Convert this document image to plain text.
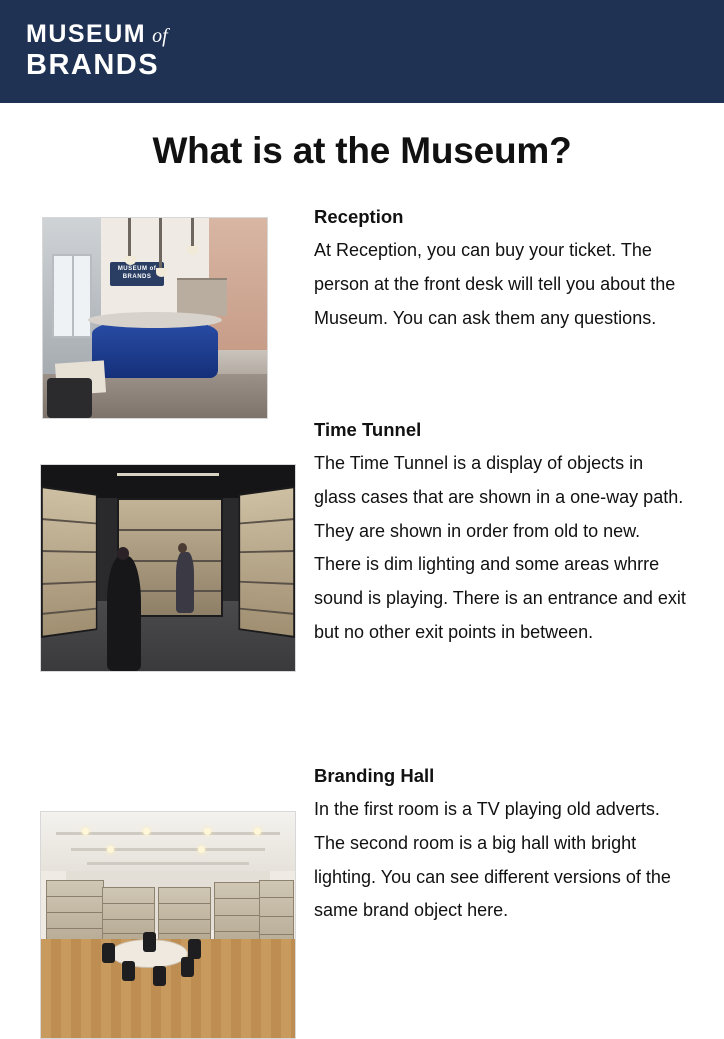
MUSEUM of
BRANDS
What is at the Museum?
MUSEUM of BRANDS
Reception
At Reception, you can buy your ticket. The person at the front desk will tell you about the Museum. You can ask them any questions.
Time Tunnel
The Time Tunnel is a display of objects in glass cases that are shown in a one-way path. They are shown in order from old to new. There is dim lighting and some areas whrre sound is playing. There is an entrance and exit but no other exit points in between.
Branding Hall
In the first room is a TV playing old adverts. The second room is a big hall with bright lighting. You can see different versions of the same brand object here.
